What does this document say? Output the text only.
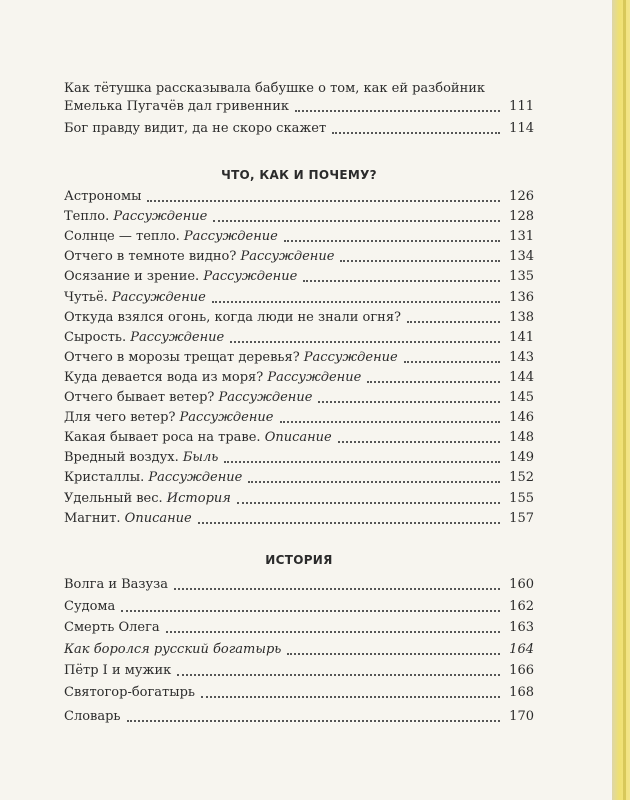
Как тётушка рассказывала бабушке о том, как ей разбойник
Емелька Пугачёв дал гривенник	111
Бог правду видит, да не скоро скажет	114
ЧТО, КАК И ПОЧЕМУ?
Астрономы	126
Тепло. Рассуждение	128
Солнце — тепло. Рассуждение	131
Отчего в темноте видно? Рассуждение	134
Осязание и зрение. Рассуждение	135
Чутьё. Рассуждение	136
Откуда взялся огонь, когда люди не знали огня?	138
Сырость. Рассуждение	141
Отчего в морозы трещат деревья? Рассуждение	143
Куда девается вода из моря? Рассуждение	144
Отчего бывает ветер? Рассуждение	145
Для чего ветер? Рассуждение	146
Какая бывает роса на траве. Описание	148
Вредный воздух. Быль	149
Кристаллы. Рассуждение	152
Удельный вес. История	155
Магнит. Описание	157
ИСТОРИЯ
Волга и Вазуза	160
Судома	162
Смерть Олега	163
Как боролся русский богатырь	164
Пётр I и мужик	166
Святогор-богатырь	168
Словарь	170
